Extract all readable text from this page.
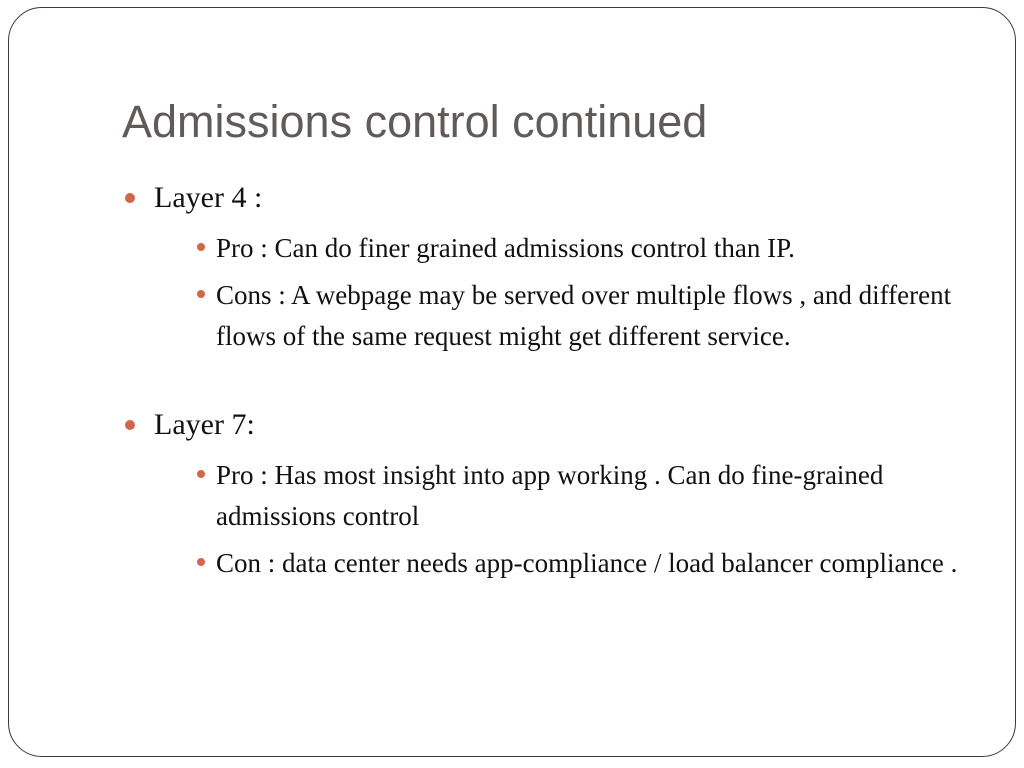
Admissions control continued
Layer 4 :
Pro : Can do finer grained admissions control than IP.
Cons : A webpage may be served over multiple flows , and different flows of the same request might get different service.
Layer 7:
Pro : Has most insight into app working . Can do fine-grained admissions control
Con : data center needs app-compliance / load balancer compliance .
